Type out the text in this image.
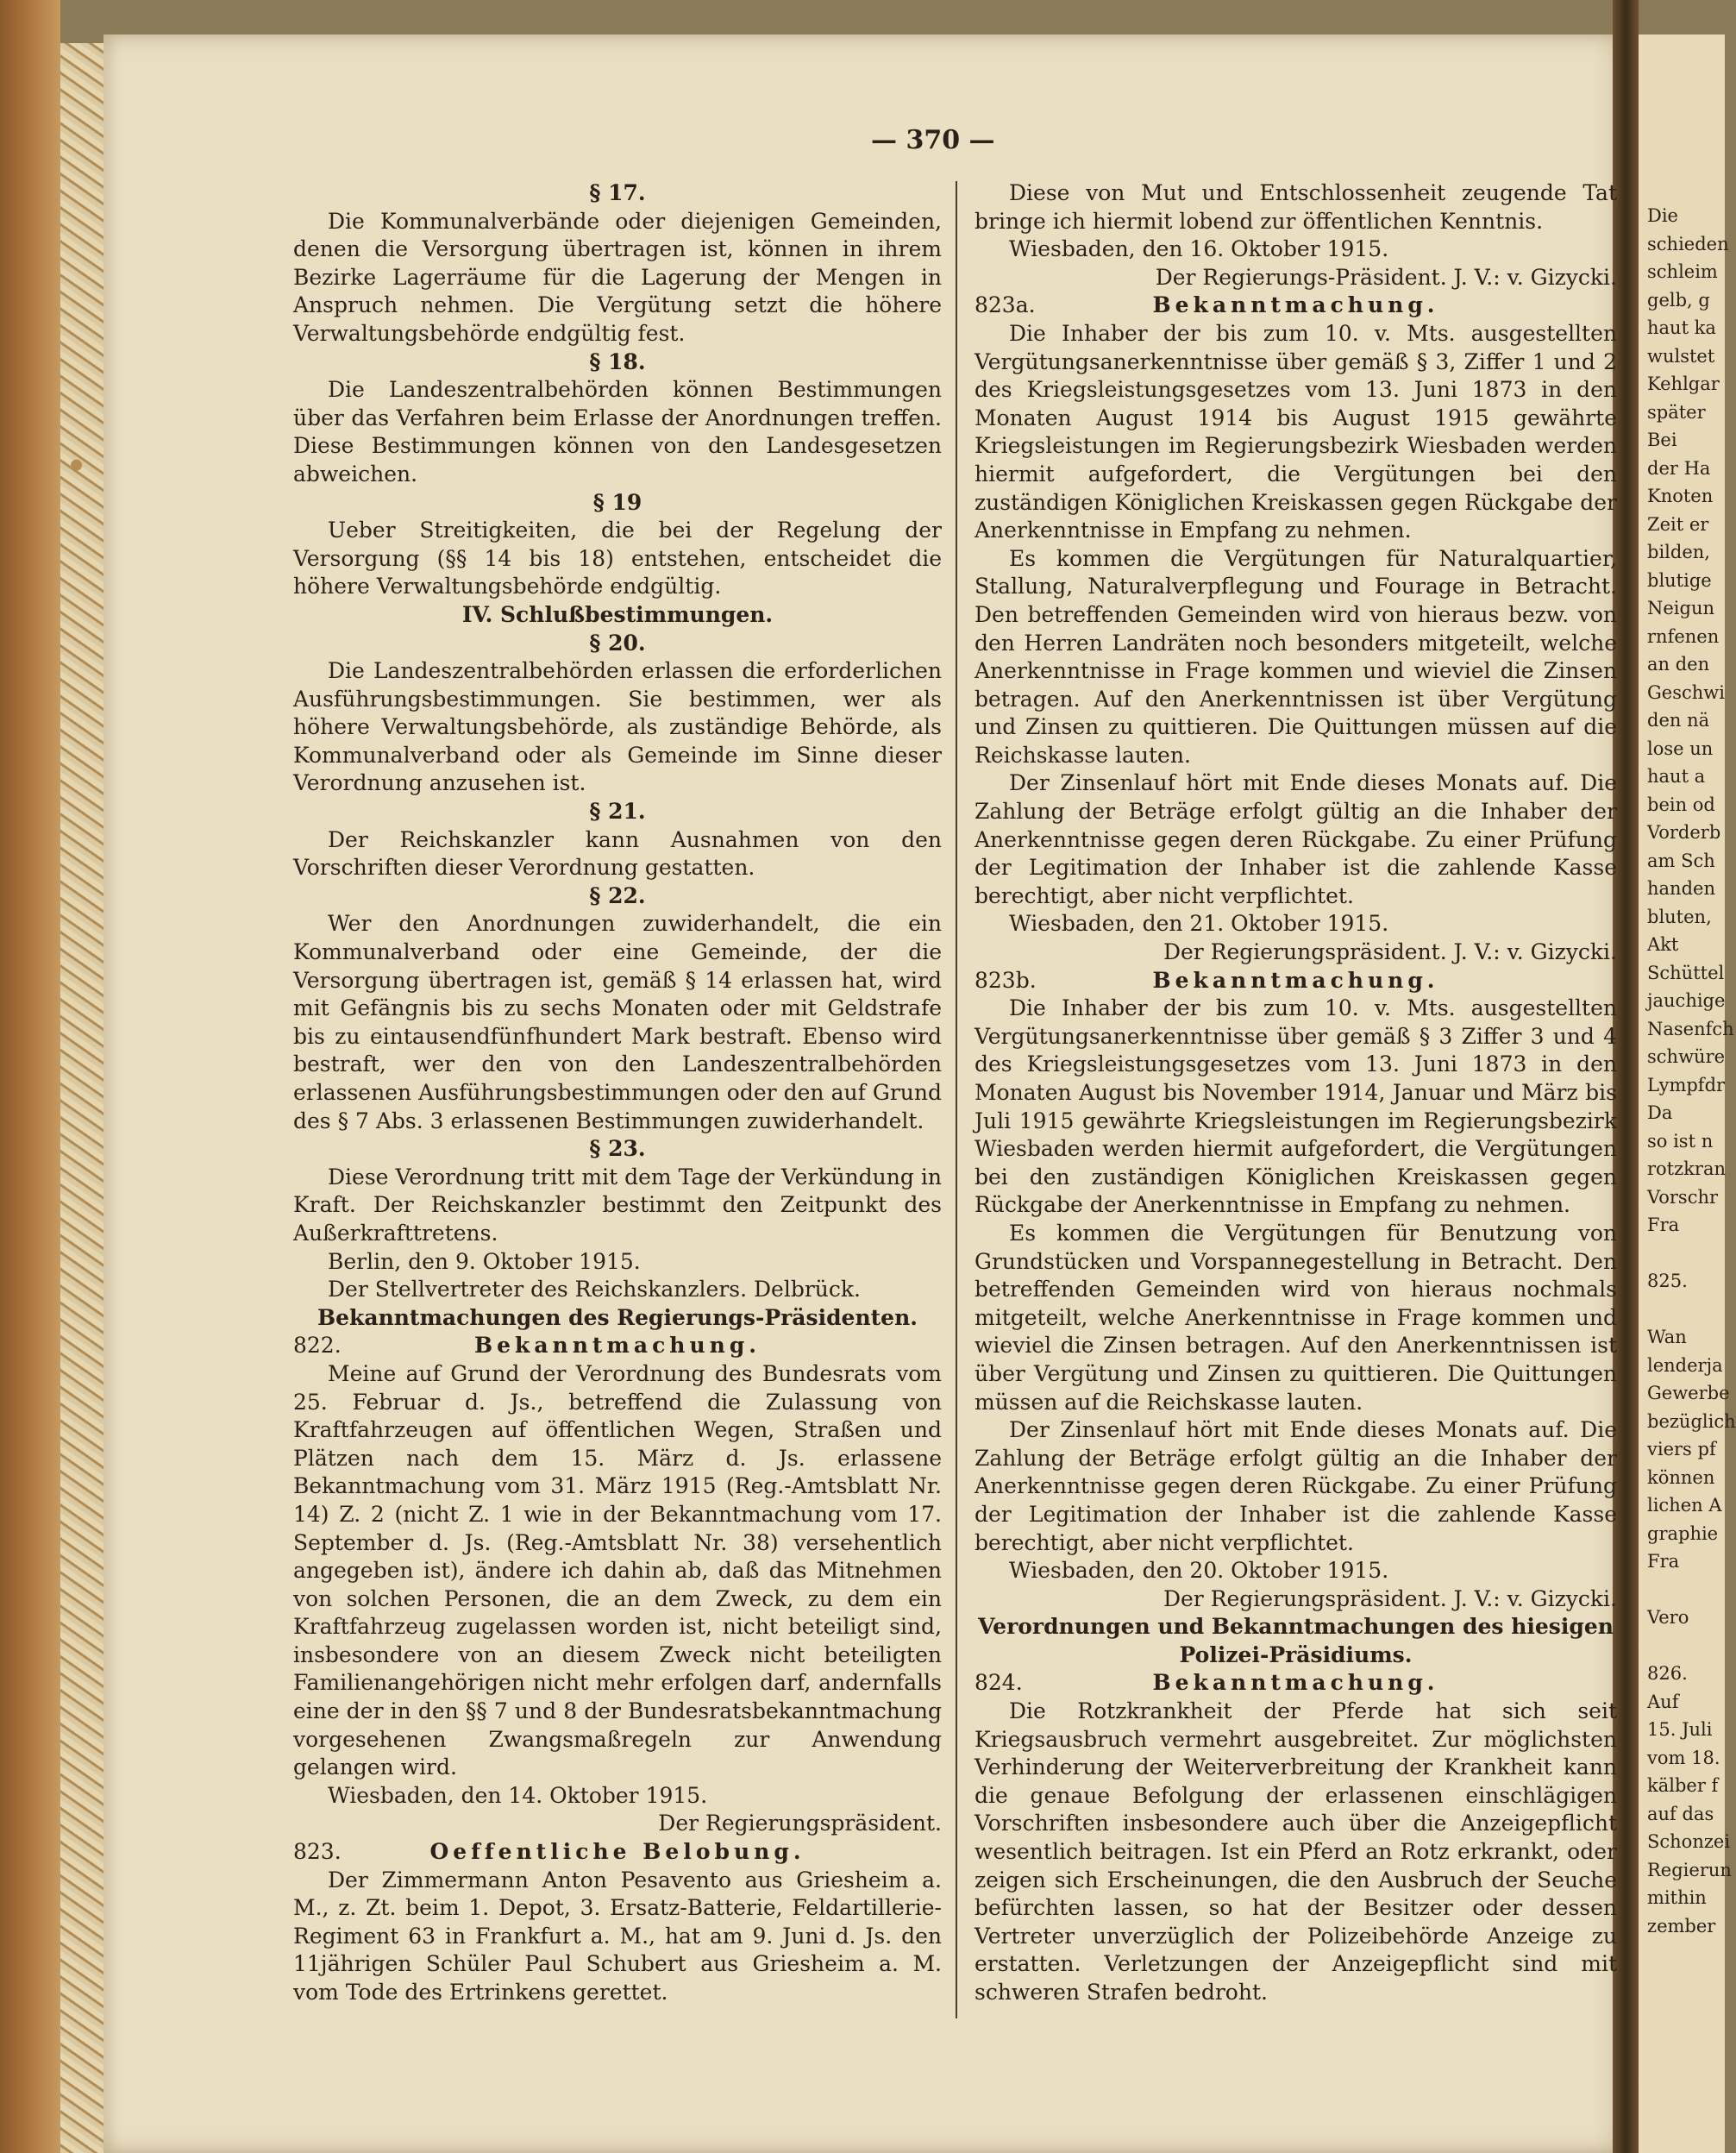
Die
schieden
schleim
gelb, g
haut ka
wulstet
Kehlgar
später
Bei
der Ha
Knoten
Zeit er
bilden,
blutige
Neigun
rnfenen
an den
Geschwi
den nä
lose un
haut a
bein od
Vorderb
am Sch
handen
bluten,
Akt
Schüttel
jauchige
Nasenfch
schwüre
Lympfdr
Da
so ist n
rotzkran
Vorschr
Fra
825.
Wan
lenderja
Gewerbe
bezüglich
viers pf
können
lichen A
graphie
Fra
Vero
826.
Auf
15. Juli
vom 18.
kälber f
auf das
Schonzei
Regierun
mithin
zember
— 370 —
§ 17.

Die Kommunalverbände oder diejenigen Gemeinden, denen die Versorgung übertragen ist, können in ihrem Bezirke Lagerräume für die Lagerung der Mengen in Anspruch nehmen. Die Vergütung setzt die höhere Verwaltungsbehörde endgültig fest.

§ 18.

Die Landeszentralbehörden können Bestimmungen über das Verfahren beim Erlasse der Anordnungen treffen. Diese Bestimmungen können von den Landesgesetzen abweichen.

§ 19

Ueber Streitigkeiten, die bei der Regelung der Versorgung (§§ 14 bis 18) entstehen, entscheidet die höhere Verwaltungsbehörde endgültig.

IV. Schlußbestimmungen.
§ 20.

Die Landeszentralbehörden erlassen die erforderlichen Ausführungsbestimmungen. Sie bestimmen, wer als höhere Verwaltungsbehörde, als zuständige Behörde, als Kommunalverband oder als Gemeinde im Sinne dieser Verordnung anzusehen ist.

§ 21.

Der Reichskanzler kann Ausnahmen von den Vorschriften dieser Verordnung gestatten.

§ 22.

Wer den Anordnungen zuwiderhandelt, die ein Kommunalverband oder eine Gemeinde, der die Versorgung übertragen ist, gemäß § 14 erlassen hat, wird mit Gefängnis bis zu sechs Monaten oder mit Geldstrafe bis zu eintausendfünfhundert Mark bestraft. Ebenso wird bestraft, wer den von den Landeszentralbehörden erlassenen Ausführungsbestimmungen oder den auf Grund des § 7 Abs. 3 erlassenen Bestimmungen zuwiderhandelt.

§ 23.

Diese Verordnung tritt mit dem Tage der Verkündung in Kraft. Der Reichskanzler bestimmt den Zeitpunkt des Außerkrafttretens.

Berlin, den 9. Oktober 1915.
Der Stellvertreter des Reichskanzlers. Delbrück.
Bekanntmachungen des Regierungs-Präsidenten.
822.	Bekanntmachung.

Meine auf Grund der Verordnung des Bundesrats vom 25. Februar d. Js., betreffend die Zulassung von Kraftfahrzeugen auf öffentlichen Wegen, Straßen und Plätzen nach dem 15. März d. Js. erlassene Bekanntmachung vom 31. März 1915 (Reg.-Amtsblatt Nr. 14) Z. 2 (nicht Z. 1 wie in der Bekanntmachung vom 17. September d. Js. (Reg.-Amtsblatt Nr. 38) versehentlich angegeben ist), ändere ich dahin ab, daß das Mitnehmen von solchen Personen, die an dem Zweck, zu dem ein Kraftfahrzeug zugelassen worden ist, nicht beteiligt sind, insbesondere von an diesem Zweck nicht beteiligten Familienangehörigen nicht mehr erfolgen darf, andernfalls eine der in den §§ 7 und 8 der Bundesratsbekanntmachung vorgesehenen Zwangsmaßregeln zur Anwendung gelangen wird.

Wiesbaden, den 14. Oktober 1915.
Der Regierungspräsident.
823.	Oeffentliche Belobung.

Der Zimmermann Anton Pesavento aus Griesheim a. M., z. Zt. beim 1. Depot, 3. Ersatz-Batterie, Feldartillerie-Regiment 63 in Frankfurt a. M., hat am 9. Juni d. Js. den 11jährigen Schüler Paul Schubert aus Griesheim a. M. vom Tode des Ertrinkens gerettet.

Diese von Mut und Entschlossenheit zeugende Tat bringe ich hiermit lobend zur öffentlichen Kenntnis.

Wiesbaden, den 16. Oktober 1915.
Der Regierungs-Präsident. J. V.: v. Gizycki.
823a.	Bekanntmachung.

Die Inhaber der bis zum 10. v. Mts. ausgestellten Vergütungsanerkenntnisse über gemäß § 3, Ziffer 1 und 2 des Kriegsleistungsgesetzes vom 13. Juni 1873 in den Monaten August 1914 bis August 1915 gewährte Kriegsleistungen im Regierungsbezirk Wiesbaden werden hiermit aufgefordert, die Vergütungen bei den zuständigen Königlichen Kreiskassen gegen Rückgabe der Anerkenntnisse in Empfang zu nehmen.

Es kommen die Vergütungen für Naturalquartier, Stallung, Naturalverpflegung und Fourage in Betracht. Den betreffenden Gemeinden wird von hieraus bezw. von den Herren Landräten noch besonders mitgeteilt, welche Anerkenntnisse in Frage kommen und wieviel die Zinsen betragen. Auf den Anerkenntnissen ist über Vergütung und Zinsen zu quittieren. Die Quittungen müssen auf die Reichskasse lauten.

Der Zinsenlauf hört mit Ende dieses Monats auf. Die Zahlung der Beträge erfolgt gültig an die Inhaber der Anerkenntnisse gegen deren Rückgabe. Zu einer Prüfung der Legitimation der Inhaber ist die zahlende Kasse berechtigt, aber nicht verpflichtet.

Wiesbaden, den 21. Oktober 1915.
Der Regierungspräsident. J. V.: v. Gizycki.
823b.	Bekanntmachung.

Die Inhaber der bis zum 10. v. Mts. ausgestellten Vergütungsanerkenntnisse über gemäß § 3 Ziffer 3 und 4 des Kriegsleistungsgesetzes vom 13. Juni 1873 in den Monaten August bis November 1914, Januar und März bis Juli 1915 gewährte Kriegsleistungen im Regierungsbezirk Wiesbaden werden hiermit aufgefordert, die Vergütungen bei den zuständigen Königlichen Kreiskassen gegen Rückgabe der Anerkenntnisse in Empfang zu nehmen.

Es kommen die Vergütungen für Benutzung von Grundstücken und Vorspannegestellung in Betracht. Den betreffenden Gemeinden wird von hieraus nochmals mitgeteilt, welche Anerkenntnisse in Frage kommen und wieviel die Zinsen betragen. Auf den Anerkenntnissen ist über Vergütung und Zinsen zu quittieren. Die Quittungen müssen auf die Reichskasse lauten.

Der Zinsenlauf hört mit Ende dieses Monats auf. Die Zahlung der Beträge erfolgt gültig an die Inhaber der Anerkenntnisse gegen deren Rückgabe. Zu einer Prüfung der Legitimation der Inhaber ist die zahlende Kasse berechtigt, aber nicht verpflichtet.

Wiesbaden, den 20. Oktober 1915.
Der Regierungspräsident. J. V.: v. Gizycki.
Verordnungen und Bekanntmachungen des hiesigen Polizei-Präsidiums.
824.	Bekanntmachung.

Die Rotzkrankheit der Pferde hat sich seit Kriegsausbruch vermehrt ausgebreitet. Zur möglichsten Verhinderung der Weiterverbreitung der Krankheit kann die genaue Befolgung der erlassenen einschlägigen Vorschriften insbesondere auch über die Anzeigepflicht wesentlich beitragen. Ist ein Pferd an Rotz erkrankt, oder zeigen sich Erscheinungen, die den Ausbruch der Seuche befürchten lassen, so hat der Besitzer oder dessen Vertreter unverzüglich der Polizeibehörde Anzeige zu erstatten. Verletzungen der Anzeigepflicht sind mit schweren Strafen bedroht.
